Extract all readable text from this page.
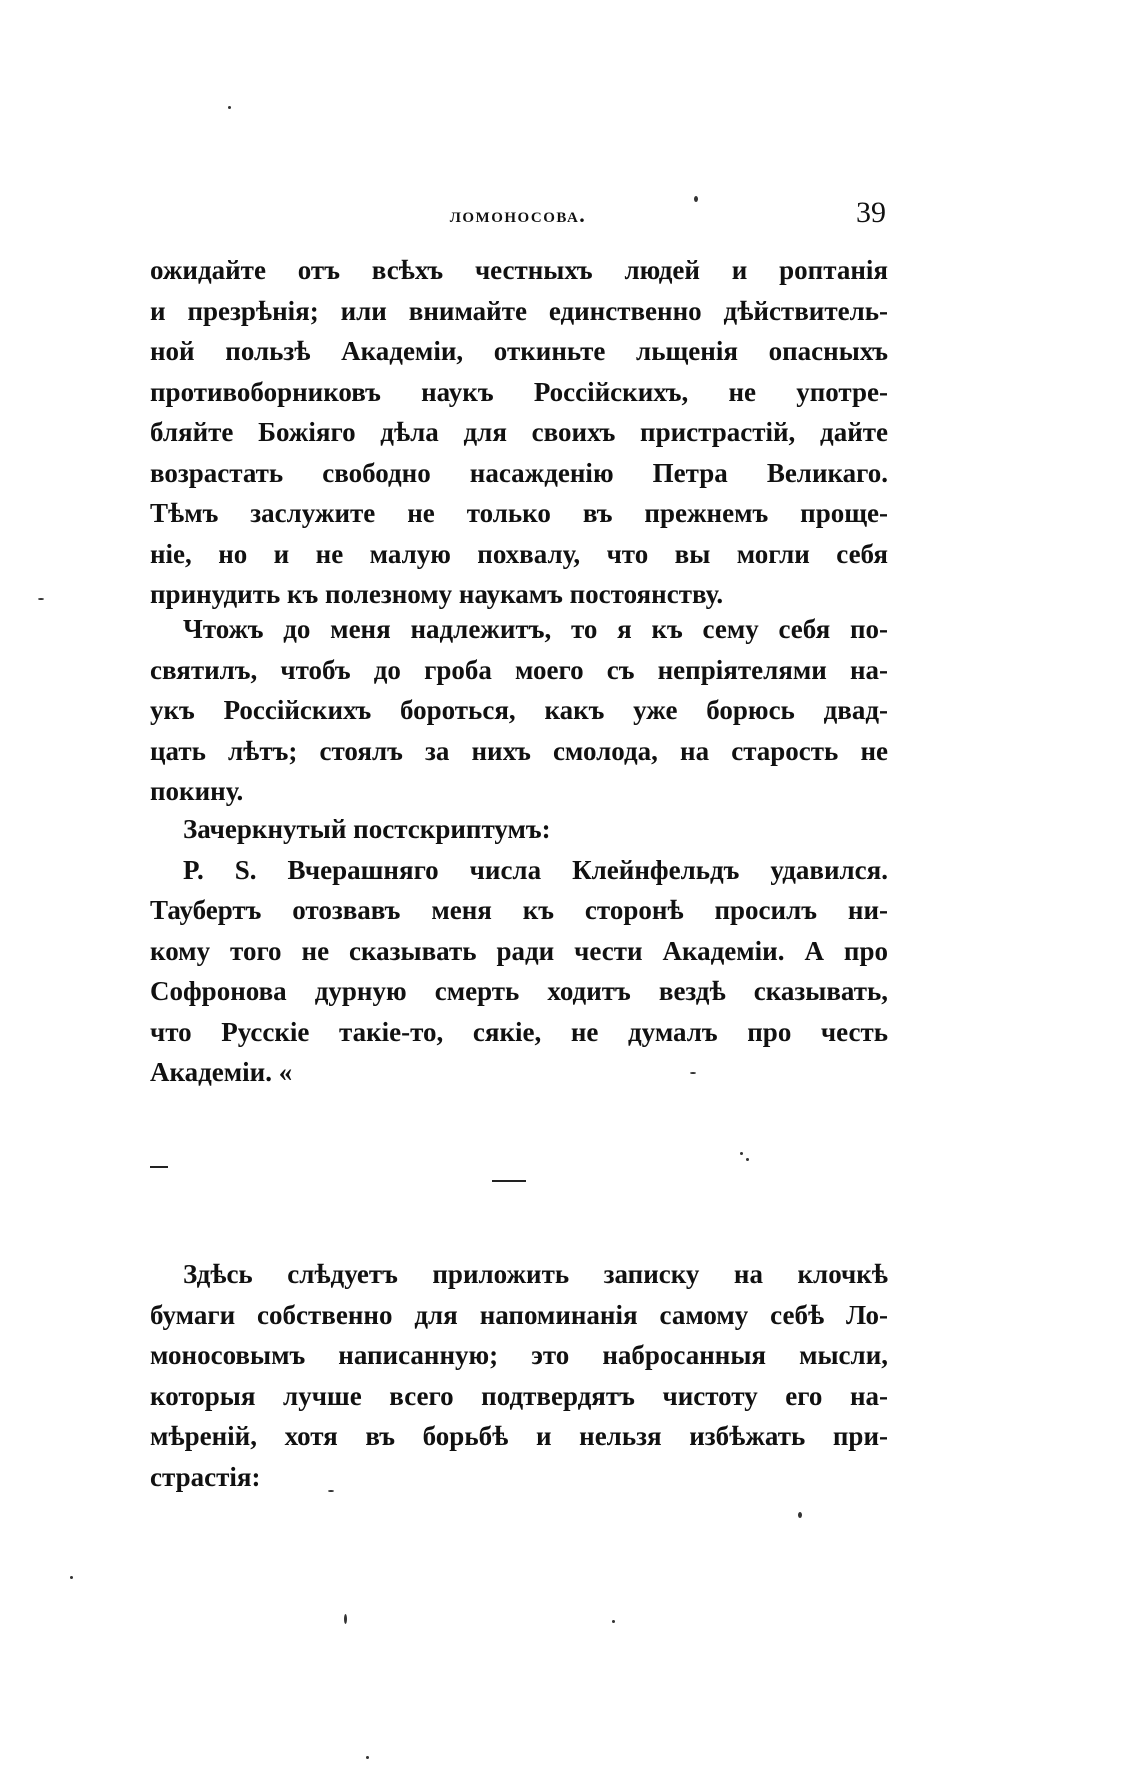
ломоносова.	39
ожидайте отъ всѣхъ честныхъ людей и роптанія
и презрѣнія; или внимайте единственно дѣйствитель-
ной пользѣ Академіи, откиньте льщенія опасныхъ
противоборниковъ наукъ Россійскихъ, не употре-
бляйте Божіяго дѣла для своихъ пристрастій, дайте
возрастать свободно насажденію Петра Великаго.
Тѣмъ заслужите не только въ прежнемъ проще-
ніе, но и не малую похвалу, что вы могли себя
принудить къ полезному наукамъ постоянству.
Чтожъ до меня надлежитъ, то я къ сему себя по-
святилъ, чтобъ до гроба моего съ непріятелями на-
укъ Россійскихъ бороться, какъ уже борюсь двад-
цать лѣтъ; стоялъ за нихъ смолода, на старость не
покину.
Зачеркнутый постскриптумъ:
P. S. Вчерашняго числа Клейнфельдъ удавился.
Таубертъ отозвавъ меня къ сторонѣ просилъ ни-
кому того не сказывать ради чести Академіи. А про
Софронова дурную смерть ходитъ вездѣ сказывать,
что Русскіе такіе-то, сякіе, не думалъ про честь
Академіи. «
Здѣсь слѣдуетъ приложить записку на клочкѣ
бумаги собственно для напоминанія самому себѣ Ло-
моносовымъ написанную; это набросанныя мысли,
которыя лучше всего подтвердятъ чистоту его на-
мѣреній, хотя въ борьбѣ и нельзя избѣжать при-
страстія:
